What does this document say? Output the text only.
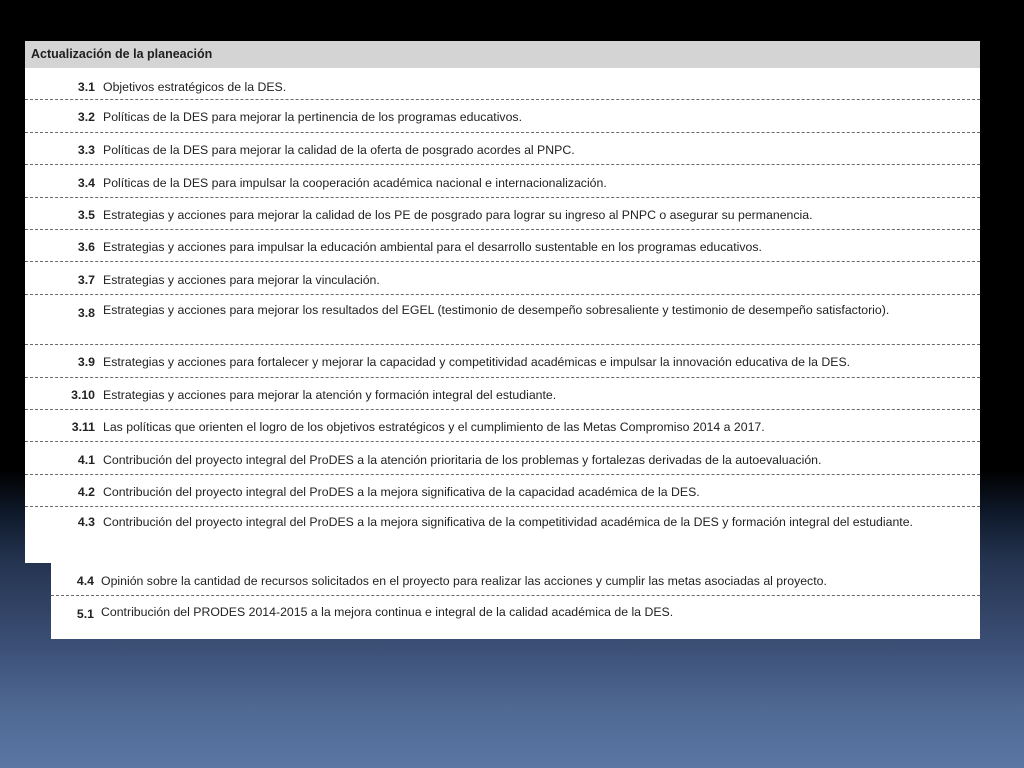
Actualización de la planeación
3.1 Objetivos estratégicos de la DES.
3.2 Políticas de la DES para mejorar la pertinencia de los programas educativos.
3.3 Políticas de la DES para mejorar la calidad de la oferta de posgrado acordes al PNPC.
3.4 Políticas de la DES para impulsar la cooperación académica nacional e internacionalización.
3.5 Estrategias y acciones para mejorar la calidad de los PE de posgrado para lograr su ingreso al PNPC o asegurar su permanencia.
3.6 Estrategias y acciones para impulsar la educación ambiental para el desarrollo sustentable en los programas educativos.
3.7 Estrategias y acciones para mejorar la vinculación.
3.8 Estrategias y acciones para mejorar los resultados del EGEL (testimonio de desempeño sobresaliente y testimonio de desempeño satisfactorio).
3.9 Estrategias y acciones para fortalecer y mejorar la capacidad y competitividad académicas e impulsar la innovación educativa de la DES.
3.10 Estrategias y acciones para mejorar la atención y formación integral del estudiante.
3.11 Las políticas que orienten el logro de los objetivos estratégicos y el cumplimiento de las Metas Compromiso 2014 a 2017.
4.1 Contribución del proyecto integral del ProDES a la atención prioritaria de los problemas y fortalezas derivadas de la autoevaluación.
4.2 Contribución del proyecto integral del ProDES a la mejora significativa de la capacidad académica de la DES.
4.3 Contribución del proyecto integral del ProDES a la mejora significativa de la competitividad académica de la DES y formación integral del estudiante.
4.4 Opinión sobre la cantidad de recursos solicitados en el proyecto para realizar las acciones y cumplir las metas asociadas al proyecto.
5.1 Contribución del PRODES 2014-2015 a la mejora continua e integral de la calidad académica de la DES.
